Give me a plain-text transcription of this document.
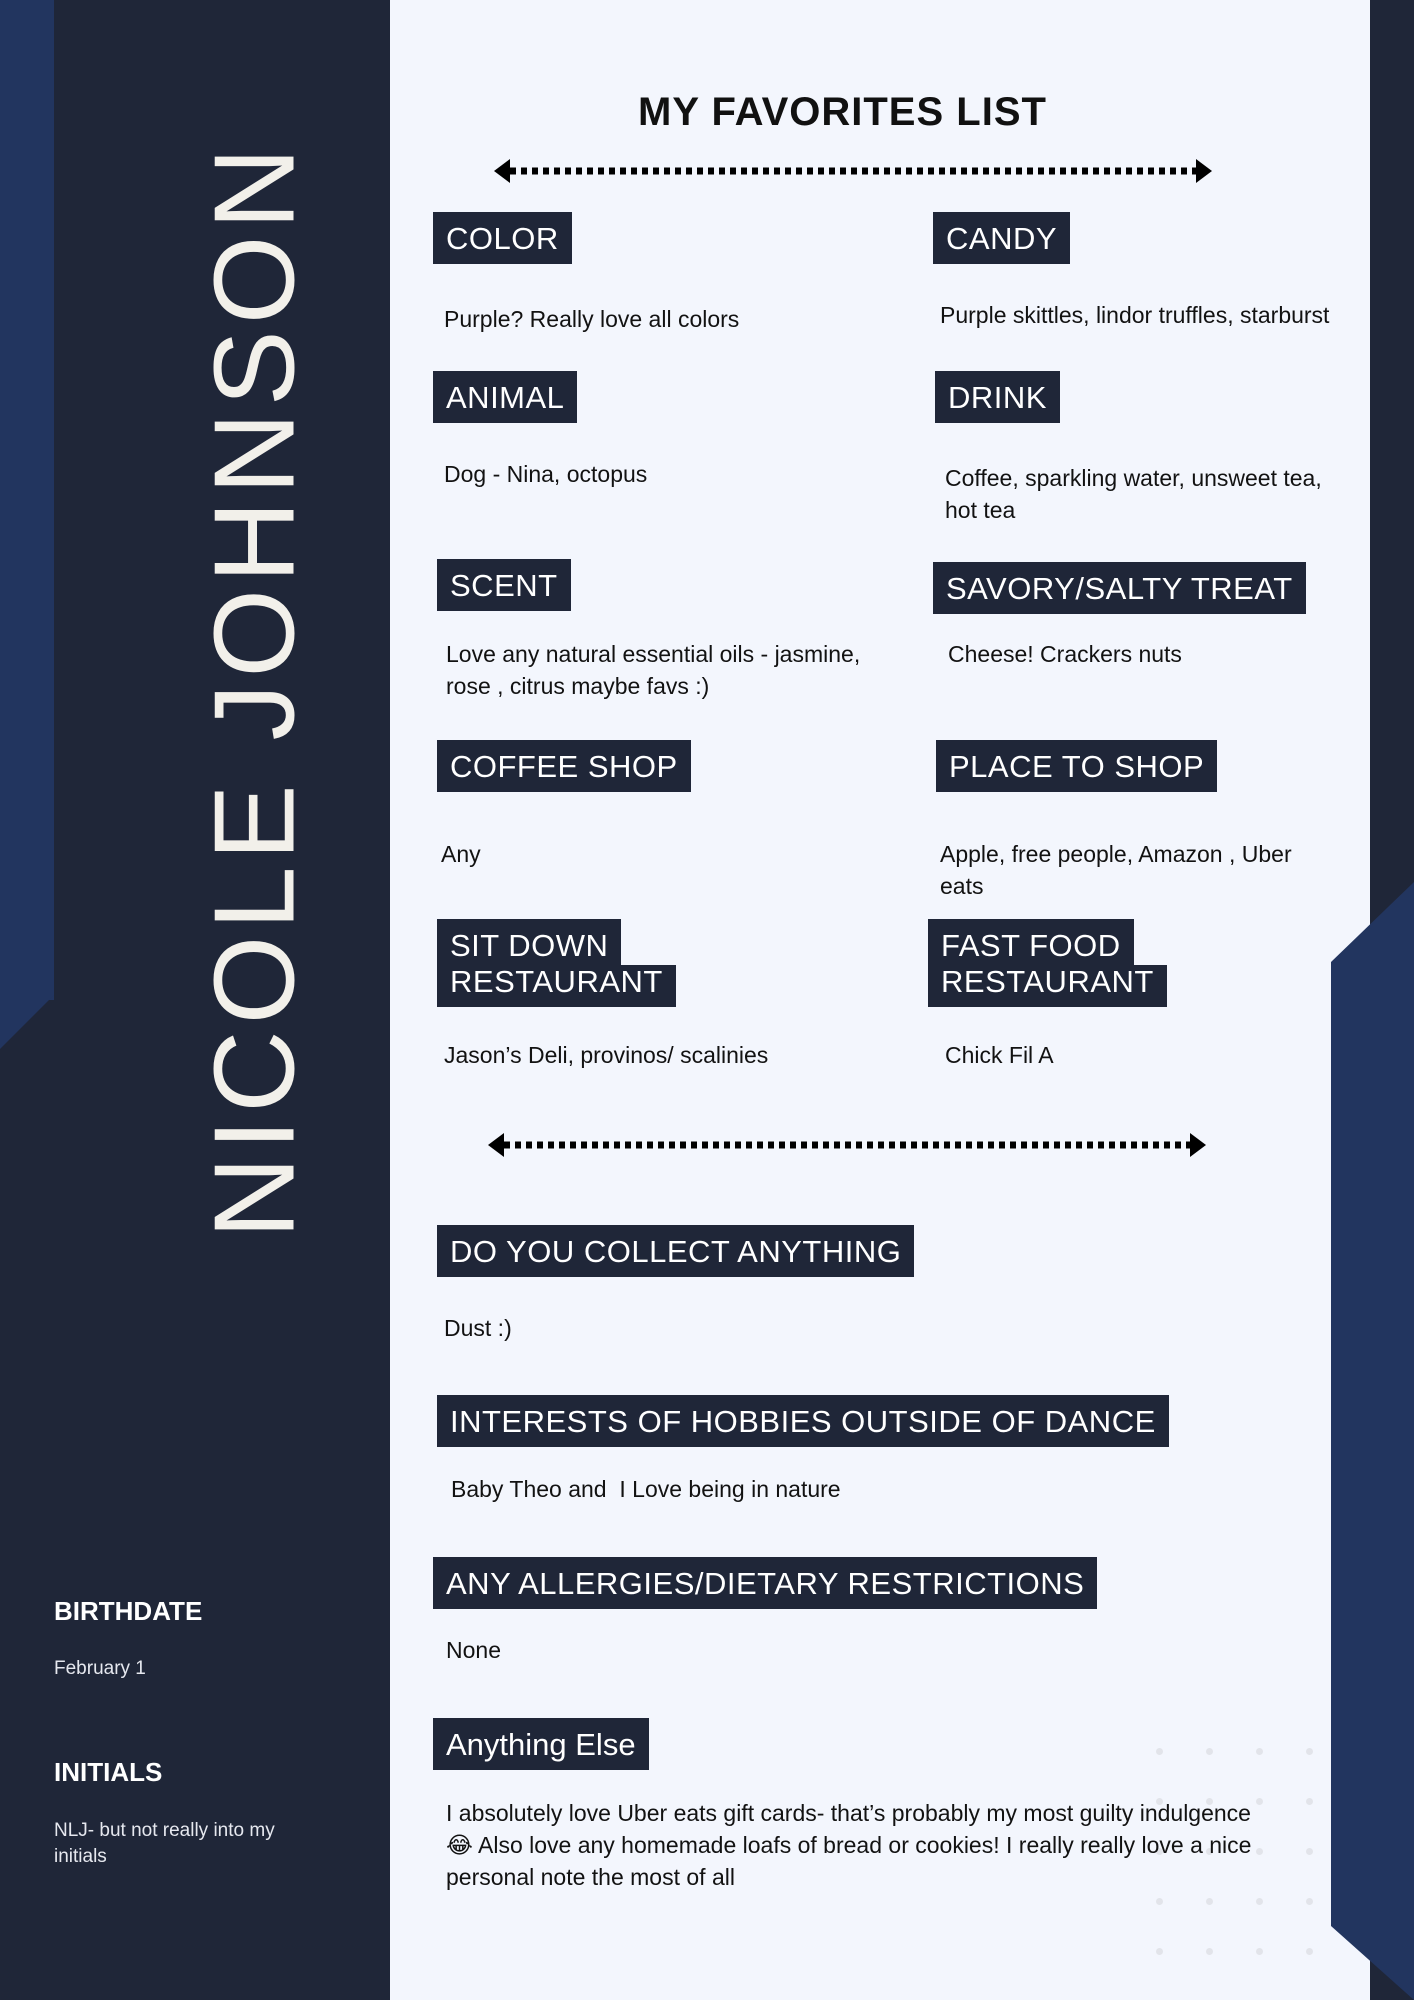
NICOLE JOHNSON
BIRTHDATE
February 1
INITIALS
NLJ- but not really into my initials
MY FAVORITES LIST
COLOR
Purple? Really love all colors
CANDY
Purple skittles, lindor truffles, starburst
ANIMAL
Dog - Nina, octopus
DRINK
Coffee, sparkling water, unsweet tea, hot tea
SCENT
Love any natural essential oils - jasmine, rose , citrus maybe favs :)
SAVORY/SALTY TREAT
Cheese! Crackers nuts
COFFEE SHOP
Any
PLACE TO SHOP
Apple, free people, Amazon , Uber eats
SIT DOWN
RESTAURANT
Jason’s Deli, provinos/ scalinies
FAST FOOD
RESTAURANT
Chick Fil A
DO YOU COLLECT ANYTHING
Dust :)
INTERESTS OF HOBBIES OUTSIDE OF DANCE
Baby Theo and  I Love being in nature
ANY ALLERGIES/DIETARY RESTRICTIONS
None
Anything Else
I absolutely love Uber eats gift cards- that’s probably my most guilty indulgence 😂 Also love any homemade loafs of bread or cookies! I really really love a nice personal note the most of all
